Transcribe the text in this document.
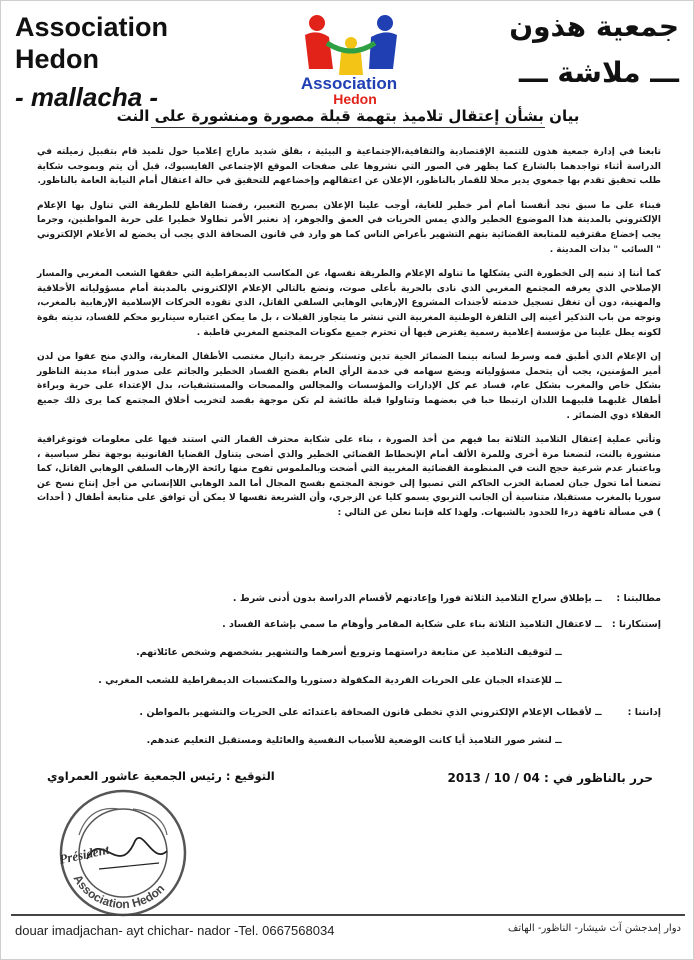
Association Hedon
- mallacha -	Association
Hedon
جمعية هذون
ـــ ملاشة ـــ
بيان بشأن إعتقال تلاميذ بتهمة قبلة مصورة ومنشورة على النت

تابعنا في إدارة جمعية هذون للتنمية الإقتصادية والثقافية،الإجتماعية و البيئية ، بقلق شديد ماراج إعلاميا حول تلميذ قام بتقبيل زميلته في الدراسة أثناء تواجدهما بالشارع كما يظهر في الصور التي نشروها على صفحات الموقع الإجتماعي الفايسبوك، قبل أن يتم وبموجب شكاية طلب تحقيق تقدم بها جمعوي يدير محلا للقمار بالناظور، الإعلان عن اعتقالهم وإخضاعهم للتحقيق في حالة اعتقال أمام النيابة العامة بالناظور.

فبناء على ما سبق نجد أنفسنا أمام أمر خطير للغاية، أوجب علينا الإعلان بصريح التعبير، رفضنا القاطع للطريقة التي تناول بها الإعلام الإلكتروني بالمدينة هذا الموضوع الخطير والذي يمس الحريات في العمق والجوهر، إذ نعتبر الأمر تطاولا خطيرا على حرية المواطنين، وجرما يجب إخضاع مقترفيه للمتابعة القضائية بتهم التشهير بأعراض الناس كما هو وارد في قانون الصحافة الذي يجب أن يخضع له الأعلام الإلكتروني " السائب " بذات المدينة .

كما أننا إذ ننبه إلى الخطورة التي يشكلها ما تناوله الإعلام والطريقة نفسها، عن المكاسب الديمقراطية التي حققها الشعب المغربي والمسار الإصلاحي الذي يعرفه المجتمع المغربي الذي نادى بالحرية بأعلى صوت، ونضع بالتالي الإعلام الإلكتروني بالمدينة أمام مسؤولياته الأخلاقية والمهنية، دون أن تغفل تسجيل خدمته لأجندات المشروع الإرهابي الوهابي السلفي القاتل، الذي تقوده الحركات الإسلامية الإرهابية بالمغرب، ونوجه من باب التذكير أعينه إلى التلفزة الوطنية المغربية التي تنشر ما يتجاوز القبلات ، بل ما يمكن اعتباره سيناريو محكم للفساد، نديته بقوة لكونه يطل علينا من مؤسسة إعلامية رسمية يفترض فيها أن تحترم جميع مكونات المجتمع المغربي قاطبة .

إن الإعلام الذي أطبق فمه وسرط لسانه بينما الضمائر الحية تدين وتستنكر جريمة دانيال مغتصب الأطفال المغاربة، والذي منح عفوا من لدن أمير المؤمنين، يجب أن يتحمل مسؤولياته ويضع سهامه في خدمة الرأي العام بفضح الفساد الخطير والجاثم على صدور أبناء مدينة الناظور بشكل خاص والمغرب بشكل عام، فساد عم كل الإدارات والمؤسسات والمجالس والمصحات والمستشفيات، بدل الإعتداء على حرية وبراءة أطفال غلبهما قلبيهما اللذان ارتبطا حبا في بعضهما وتناولوا قبلة طائشة لم تكن موجهة بقصد لتخريب أخلاق المجتمع كما يرى ذلك جميع العقلاء ذوي الضمائر .

وتأتي عملية إعتقال التلاميذ الثلاثة بما فيهم من أخذ الصورة ، بناء على شكاية محترف القمار التي استند فيها على معلومات فوتوغرافية منشورة بالنت، لتضعنا مرة أخرى وللمرة الألف أمام الإنحطاط القضائي الخطير والذي أضحى يتناول القضايا القانونية بوجهة نظر سياسية ، وباعتبار عدم شرعية حجج النت في المنظومة القضائية المغربية التي أضحت وبالملموس تفوح منها رائحة الإرهاب السلفي الوهابي القاتل، كما تضعنا أما تحول جبان لعصابة الحزب الحاكم التي تصبوا إلى خونجة المجتمع بفسح المجال أما المد الوهابي اللاإنساني من أجل إنتاج نسخ عن سوريا بالمغرب مستقبلا، متناسية أن الجانب التربوي يسمو كليا عن الزجري، وأن الشريعة نفسها لا يمكن أن توافق على متابعة أطفال ( أحداث ) في مسألة تافهة درءا للحدود بالشبهات. ولهذا كله فإننا نعلن عن التالي :

مطالبتنا : ــ بإطلاق سراح التلاميذ الثلاثة فورا وإعادتهم لأقسام الدراسة بدون أدنى شرط .
إستنكارنا : ــ لاعتقال التلاميذ الثلاثة بناء على شكاية المقامر وأوهام ما سمي بإشاعة الفساد .
ــ لتوقيف التلاميذ عن متابعة دراستهما وترويع أسرهما والتشهير بشخصهم وشخص عائلاتهم.
ــ للإعتداء الجبان على الحريات الفردية المكفولة دستوريا والمكتسبات الديمقراطية للشعب المغربي .
إدانتنا : ــ لأقطاب الإعلام الإلكتروني الذي تخطى قانون الصحافة باعتدائه على الحريات والتشهير بالمواطن .
ــ لنشر صور التلاميذ أيا كانت الوضعية للأسباب النفسية والعائلية ومستقبل التعليم عندهم.
التوقيع : رئيس الجمعية عاشور العمراوي	حرر بالناظور في : 04 / 10 / 2013
Association Hedon
Président
douar imadjachan- ayt chichar- nador -Tel. 0667568034	دوار إمدجشن آث شيشار- الناظور- الهاتف
